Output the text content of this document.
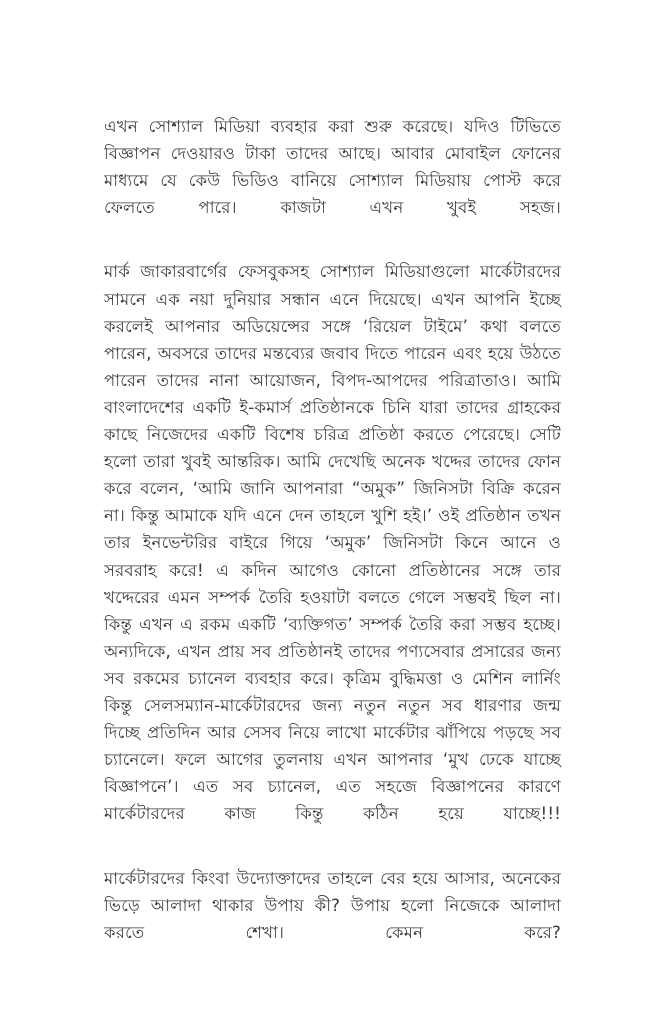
এখন সোশ্যাল মিডিয়া ব্যবহার করা শুরু করেছে। যদিও টিভিতে বিজ্ঞাপন দেওয়ারও টাকা তাদের আছে। আবার মোবাইল ফোনের মাধ্যমে যে কেউ ভিডিও বানিয়ে সোশ্যাল মিডিয়ায় পোস্ট করে ফেলতে পারে। কাজটা এখন খুবই সহজ।

মার্ক জাকারবার্গের ফেসবুকসহ সোশ্যাল মিডিয়াগুলো মার্কেটারদের সামনে এক নয়া দুনিয়ার সন্ধান এনে দিয়েছে। এখন আপনি ইচ্ছে করলেই আপনার অডিয়েন্সের সঙ্গে ‘রিয়েল টাইমে’ কথা বলতে পারেন, অবসরে তাদের মন্তব্যের জবাব দিতে পারেন এবং হয়ে উঠতে পারেন তাদের নানা আয়োজন, বিপদ-আপদের পরিত্রাতাও। আমি বাংলাদেশের একটি ই-কমার্স প্রতিষ্ঠানকে চিনি যারা তাদের গ্রাহকের কাছে নিজেদের একটি বিশেষ চরিত্র প্রতিষ্ঠা করতে পেরেছে। সেটি হলো তারা খুবই আন্তরিক। আমি দেখেছি অনেক খদ্দের তাদের ফোন করে বলেন, ‘আমি জানি আপনারা “অমুক” জিনিসটা বিক্রি করেন না। কিন্তু আমাকে যদি এনে দেন তাহলে খুশি হই।’ ওই প্রতিষ্ঠান তখন তার ইনভেন্টরির বাইরে গিয়ে ‘অমুক’ জিনিসটা কিনে আনে ও সরবরাহ করে! এ কদিন আগেও কোনো প্রতিষ্ঠানের সঙ্গে তার খদ্দেরের এমন সম্পর্ক তৈরি হওয়াটা বলতে গেলে সম্ভবই ছিল না। কিন্তু এখন এ রকম একটি ‘ব্যক্তিগত’ সম্পর্ক তৈরি করা সম্ভব হচ্ছে। অন্যদিকে, এখন প্রায় সব প্রতিষ্ঠানই তাদের পণ্যসেবার প্রসারের জন্য সব রকমের চ্যানেল ব্যবহার করে। কৃত্রিম বুদ্ধিমত্তা ও মেশিন লার্নিং কিন্তু সেলসম্যান-মার্কেটারদের জন্য নতুন নতুন সব ধারণার জন্ম দিচ্ছে প্রতিদিন আর সেসব নিয়ে লাখো মার্কেটার ঝাঁপিয়ে পড়ছে সব চ্যানেলে। ফলে আগের তুলনায় এখন আপনার ‘মুখ ঢেকে যাচ্ছে বিজ্ঞাপনে’। এত সব চ্যানেল, এত সহজে বিজ্ঞাপনের কারণে মার্কেটারদের কাজ কিন্তু কঠিন হয়ে যাচ্ছে!!!

মার্কেটারদের কিংবা উদ্যোক্তাদের তাহলে বের হয়ে আসার, অনেকের ভিড়ে আলাদা থাকার উপায় কী? উপায় হলো নিজেকে আলাদা করতে শেখা। কেমন করে?
